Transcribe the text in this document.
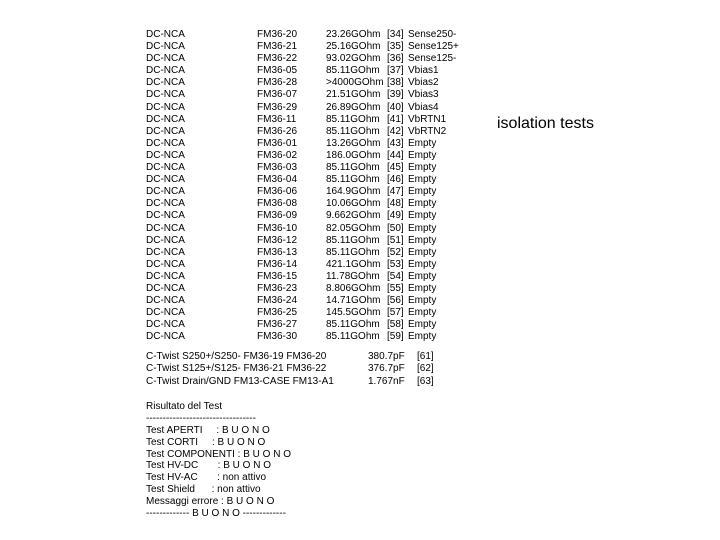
DC-NCA	FM36-20	23.26GOhm [34] Sense250-
DC-NCA	FM36-21	25.16GOhm [35] Sense125+
DC-NCA	FM36-22	93.02GOhm [36] Sense125-
DC-NCA	FM36-05	85.11GOhm [37] Vbias1
DC-NCA	FM36-28	>4000GOhm [38] Vbias2
DC-NCA	FM36-07	21.51GOhm [39] Vbias3
DC-NCA	FM36-29	26.89GOhm [40] Vbias4
DC-NCA	FM36-11	85.11GOhm [41] VbRTN1
DC-NCA	FM36-26	85.11GOhm [42] VbRTN2
DC-NCA	FM36-01	13.26GOhm [43] Empty
DC-NCA	FM36-02	186.0GOhm [44] Empty
DC-NCA	FM36-03	85.11GOhm [45] Empty
DC-NCA	FM36-04	85.11GOhm [46] Empty
DC-NCA	FM36-06	164.9GOhm [47] Empty
DC-NCA	FM36-08	10.06GOhm [48] Empty
DC-NCA	FM36-09	9.662GOhm [49] Empty
DC-NCA	FM36-10	82.05GOhm [50] Empty
DC-NCA	FM36-12	85.11GOhm [51] Empty
DC-NCA	FM36-13	85.11GOhm [52] Empty
DC-NCA	FM36-14	421.1GOhm [53] Empty
DC-NCA	FM36-15	11.78GOhm [54] Empty
DC-NCA	FM36-23	8.806GOhm [55] Empty
DC-NCA	FM36-24	14.71GOhm [56] Empty
DC-NCA	FM36-25	145.5GOhm [57] Empty
DC-NCA	FM36-27	85.11GOhm [58] Empty
DC-NCA	FM36-30	85.11GOhm [59] Empty
C-Twist S250+/S250- FM36-19 FM36-20	380.7pF [61]
C-Twist S125+/S125- FM36-21 FM36-22	376.7pF [62]
C-Twist Drain/GND FM13-CASE FM13-A1	1.767nF [63]
Risultato del Test
---------------------------------
Test APERTI     : B U O N O
Test CORTI     : B U O N O
Test COMPONENTI : B U O N O
Test HV-DC       : B U O N O
Test HV-AC       : non attivo
Test Shield      : non attivo
Messaggi errore : B U O N O
------------- B U O N O -------------
isolation tests
